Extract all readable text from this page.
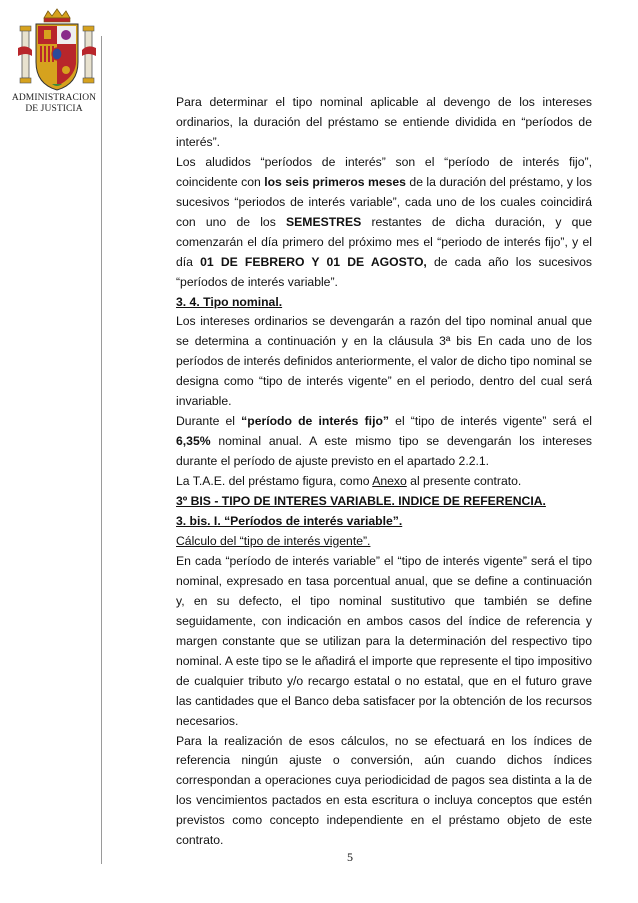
ADMINISTRACION
DE JUSTICIA	Para determinar el tipo nominal aplicable al devengo de los intereses ordinarios, la duración del préstamo se entiende dividida en “períodos de interés”.

Los aludidos “períodos de interés” son el “período de interés fijo”, coincidente con los seis primeros meses de la duración del préstamo, y los sucesivos “periodos de interés variable”, cada uno de los cuales coincidirá con uno de los SEMESTRES restantes de dicha duración, y que comenzarán el día primero del próximo mes el “periodo de interés fijo”, y el día 01 DE FEBRERO Y 01 DE AGOSTO, de cada año los sucesivos “períodos de interés variable”.

3. 4. Tipo nominal.

Los intereses ordinarios se devengarán a razón del tipo nominal anual que se determina a continuación y en la cláusula 3ª bis En cada uno de los períodos de interés definidos anteriormente, el valor de dicho tipo nominal se designa como “tipo de interés vigente” en el periodo, dentro del cual será invariable.

Durante el “período de interés fijo” el “tipo de interés vigente” será el 6,35% nominal anual. A este mismo tipo se devengarán los intereses durante el período de ajuste previsto en el apartado 2.2.1.

La T.A.E. del préstamo figura, como Anexo al presente contrato.

3º BIS - TIPO DE INTERES VARIABLE. INDICE DE REFERENCIA.

3. bis. I. “Períodos de interés variable”.

Cálculo del “tipo de interés vigente”.

En cada “período de interés variable” el “tipo de interés vigente” será el tipo nominal, expresado en tasa porcentual anual, que se define a continuación y, en su defecto, el tipo nominal sustitutivo que también se define seguidamente, con indicación en ambos casos del índice de referencia y margen constante que se utilizan para la determinación del respectivo tipo nominal. A este tipo se le añadirá el importe que represente el tipo impositivo de cualquier tributo y/o recargo estatal o no estatal, que en el futuro grave las cantidades que el Banco deba satisfacer por la obtención de los recursos necesarios.

Para la realización de esos cálculos, no se efectuará en los índices de referencia ningún ajuste o conversión, aún cuando dichos índices correspondan a operaciones cuya periodicidad de pagos sea distinta a la de los vencimientos pactados en esta escritura o incluya conceptos que estén previstos como concepto independiente en el préstamo objeto de este contrato.

5
